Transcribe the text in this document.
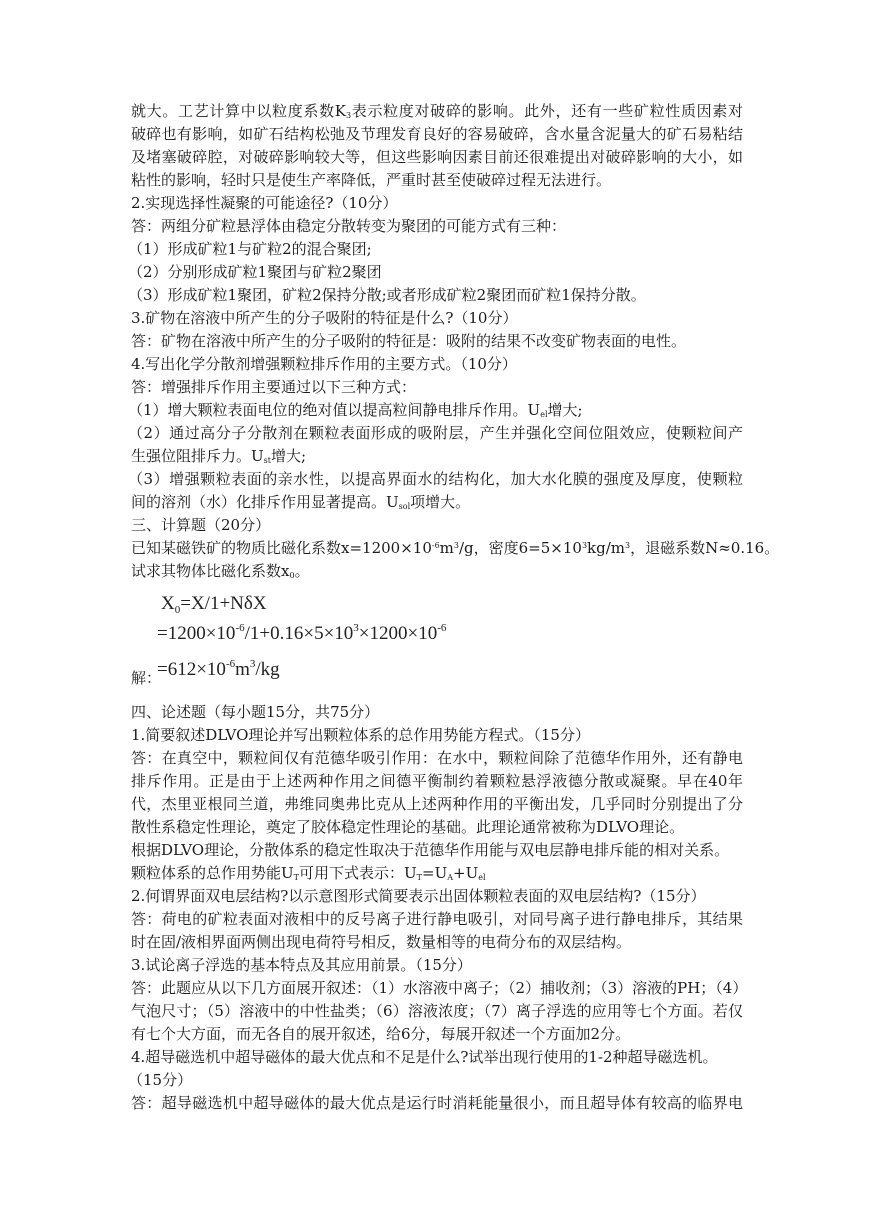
就大。工艺计算中以粒度系数$K_3$表示粒度对破碎的影响。此外，还有一些矿粒性质因素对
破碎也有影响，如矿石结构松弛及节理发育良好的容易破碎，含水量含泥量大的矿石易粘结
及堵塞破碎腔，对破碎影响较大等，但这些影响因素目前还很难提出对破碎影响的大小，如
粘性的影响，轻时只是使生产率降低，严重时甚至使破碎过程无法进行。
2.实现选择性凝聚的可能途径?（10分）
答：两组分矿粒悬浮体由稳定分散转变为聚团的可能方式有三种：
（1）形成矿粒1与矿粒2的混合聚团;
（2）分别形成矿粒1聚团与矿粒2聚团
（3）形成矿粒1聚团，矿粒2保持分散;或者形成矿粒2聚团而矿粒1保持分散。
3.矿物在溶液中所产生的分子吸附的特征是什么?（10分）
答：矿物在溶液中所产生的分子吸附的特征是：吸附的结果不改变矿物表面的电性。
4.写出化学分散剂增强颗粒排斥作用的主要方式。（10分）
答：增强排斥作用主要通过以下三种方式：
（1）增大颗粒表面电位的绝对值以提高粒间静电排斥作用。$U_{el}$增大;
（2）通过高分子分散剂在颗粒表面形成的吸附层，产生并强化空间位阻效应，使颗粒间产
生强位阻排斥力。$U_{st}$增大;
（3）增强颗粒表面的亲水性，以提高界面水的结构化，加大水化膜的强度及厚度，使颗粒
间的溶剂（水）化排斥作用显著提高。$U_{sol}$项增大。
三、计算题（20分）
已知某磁铁矿的物质比磁化系数$x=1200\times 10^{-6}m^3/g$，密度$6=5\times 10^3kg/m^3$，退磁系数N≈0.16。
试求其物体比磁化系数$x_0$。
$X_0=X/1+N\delta X$
$=1200\times 10^{-6}/1+0.16\times 5\times 10^3\times 1200\times 10^{-6}$
$=612\times 10^{-6}m^3/kg$
解：
四、论述题（每小题15分，共75分）
1.简要叙述DLVO理论并写出颗粒体系的总作用势能方程式。（15分）
答：在真空中，颗粒间仅有范德华吸引作用：在水中，颗粒间除了范德华作用外，还有静电
排斥作用。正是由于上述两种作用之间德平衡制约着颗粒悬浮液德分散或凝聚。早在40年
代，杰里亚根同兰道，弗维同奥弗比克从上述两种作用的平衡出发，几乎同时分别提出了分
散性系稳定性理论，奠定了胶体稳定性理论的基础。此理论通常被称为DLVO理论。
根据DLVO理论，分散体系的稳定性取决于范德华作用能与双电层静电排斥能的相对关系。
颗粒体系的总作用势能$U_T$可用下式表示：$U_T=U_A+U_{el}$
2.何谓界面双电层结构?以示意图形式简要表示出固体颗粒表面的双电层结构?（15分）
答：荷电的矿粒表面对液相中的反号离子进行静电吸引，对同号离子进行静电排斥，其结果
时在固/液相界面两侧出现电荷符号相反，数量相等的电荷分布的双层结构。
3.试论离子浮选的基本特点及其应用前景。（15分）
答：此题应从以下几方面展开叙述：（1）水溶液中离子；（2）捕收剂；（3）溶液的PH；（4）
气泡尺寸；（5）溶液中的中性盐类；（6）溶液浓度；（7）离子浮选的应用等七个方面。若仅
有七个大方面，而无各自的展开叙述，给6分，每展开叙述一个方面加2分。
4.超导磁选机中超导磁体的最大优点和不足是什么?试举出现行使用的1-2种超导磁选机。
（15分）
答：超导磁选机中超导磁体的最大优点是运行时消耗能量很小，而且超导体有较高的临界电
